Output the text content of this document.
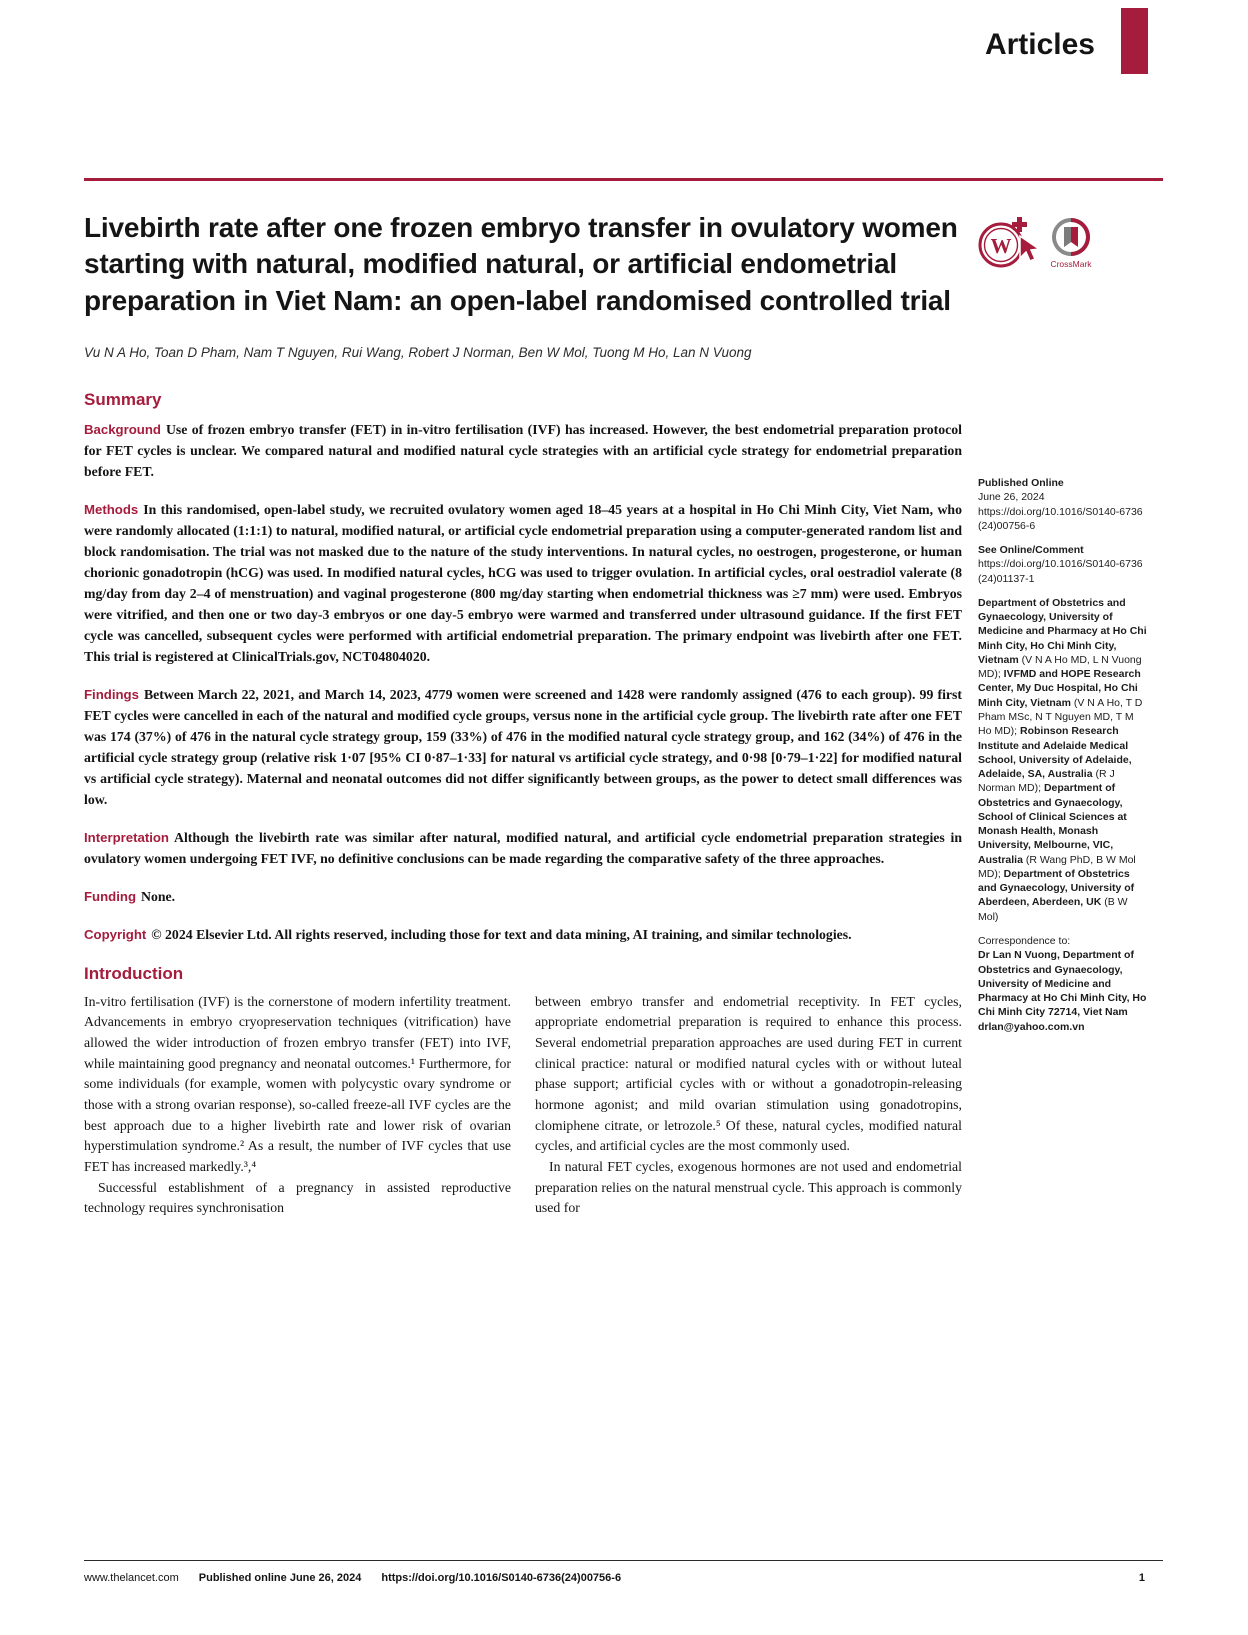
Articles
W
CrossMark
Livebirth rate after one frozen embryo transfer in ovulatory women starting with natural, modified natural, or artificial endometrial preparation in Viet Nam: an open-label randomised controlled trial

Vu N A Ho, Toan D Pham, Nam T Nguyen, Rui Wang, Robert J Norman, Ben W Mol, Tuong M Ho, Lan N Vuong

Summary

Background Use of frozen embryo transfer (FET) in in-vitro fertilisation (IVF) has increased. However, the best endometrial preparation protocol for FET cycles is unclear. We compared natural and modified natural cycle strategies with an artificial cycle strategy for endometrial preparation before FET.

Methods In this randomised, open-label study, we recruited ovulatory women aged 18–45 years at a hospital in Ho Chi Minh City, Viet Nam, who were randomly allocated (1:1:1) to natural, modified natural, or artificial cycle endometrial preparation using a computer-generated random list and block randomisation. The trial was not masked due to the nature of the study interventions. In natural cycles, no oestrogen, progesterone, or human chorionic gonadotropin (hCG) was used. In modified natural cycles, hCG was used to trigger ovulation. In artificial cycles, oral oestradiol valerate (8 mg/day from day 2–4 of menstruation) and vaginal progesterone (800 mg/day starting when endometrial thickness was ≥7 mm) were used. Embryos were vitrified, and then one or two day-3 embryos or one day-5 embryo were warmed and transferred under ultrasound guidance. If the first FET cycle was cancelled, subsequent cycles were performed with artificial endometrial preparation. The primary endpoint was livebirth after one FET. This trial is registered at ClinicalTrials.gov, NCT04804020.

Findings Between March 22, 2021, and March 14, 2023, 4779 women were screened and 1428 were randomly assigned (476 to each group). 99 first FET cycles were cancelled in each of the natural and modified cycle groups, versus none in the artificial cycle group. The livebirth rate after one FET was 174 (37%) of 476 in the natural cycle strategy group, 159 (33%) of 476 in the modified natural cycle strategy group, and 162 (34%) of 476 in the artificial cycle strategy group (relative risk 1·07 [95% CI 0·87–1·33] for natural vs artificial cycle strategy, and 0·98 [0·79–1·22] for modified natural vs artificial cycle strategy). Maternal and neonatal outcomes did not differ significantly between groups, as the power to detect small differences was low.

Interpretation Although the livebirth rate was similar after natural, modified natural, and artificial cycle endometrial preparation strategies in ovulatory women undergoing FET IVF, no definitive conclusions can be made regarding the comparative safety of the three approaches.

Funding None.

Copyright © 2024 Elsevier Ltd. All rights reserved, including those for text and data mining, AI training, and similar technologies.

Introduction

In-vitro fertilisation (IVF) is the cornerstone of modern infertility treatment. Advancements in embryo cryopreservation techniques (vitrification) have allowed the wider introduction of frozen embryo transfer (FET) into IVF, while maintaining good pregnancy and neonatal outcomes.¹ Furthermore, for some individuals (for example, women with polycystic ovary syndrome or those with a strong ovarian response), so-called freeze-all IVF cycles are the best approach due to a higher livebirth rate and lower risk of ovarian hyperstimulation syndrome.² As a result, the number of IVF cycles that use FET has increased markedly.³,⁴

Successful establishment of a pregnancy in assisted reproductive technology requires synchronisation

between embryo transfer and endometrial receptivity. In FET cycles, appropriate endometrial preparation is required to enhance this process. Several endometrial preparation approaches are used during FET in current clinical practice: natural or modified natural cycles with or without luteal phase support; artificial cycles with or without a gonadotropin-releasing hormone agonist; and mild ovarian stimulation using gonadotropins, clomiphene citrate, or letrozole.⁵ Of these, natural cycles, modified natural cycles, and artificial cycles are the most commonly used.

In natural FET cycles, exogenous hormones are not used and endometrial preparation relies on the natural menstrual cycle. This approach is commonly used for

Published Online
June 26, 2024
https://doi.org/10.1016/S0140-6736(24)00756-6

See Online/Comment
https://doi.org/10.1016/S0140-6736(24)01137-1

Department of Obstetrics and Gynaecology, University of Medicine and Pharmacy at Ho Chi Minh City, Ho Chi Minh City, Vietnam (V N A Ho MD, L N Vuong MD); IVFMD and HOPE Research Center, My Duc Hospital, Ho Chi Minh City, Vietnam (V N A Ho, T D Pham MSc, N T Nguyen MD, T M Ho MD); Robinson Research Institute and Adelaide Medical School, University of Adelaide, Adelaide, SA, Australia (R J Norman MD); Department of Obstetrics and Gynaecology, School of Clinical Sciences at Monash Health, Monash University, Melbourne, VIC, Australia (R Wang PhD, B W Mol MD); Department of Obstetrics and Gynaecology, University of Aberdeen, Aberdeen, UK (B W Mol)

Correspondence to:
Dr Lan N Vuong, Department of Obstetrics and Gynaecology, University of Medicine and Pharmacy at Ho Chi Minh City, Ho Chi Minh City 72714, Viet Nam
drlan@yahoo.com.vn

www.thelancet.com Published online June 26, 2024 https://doi.org/10.1016/S0140-6736(24)00756-6	1
